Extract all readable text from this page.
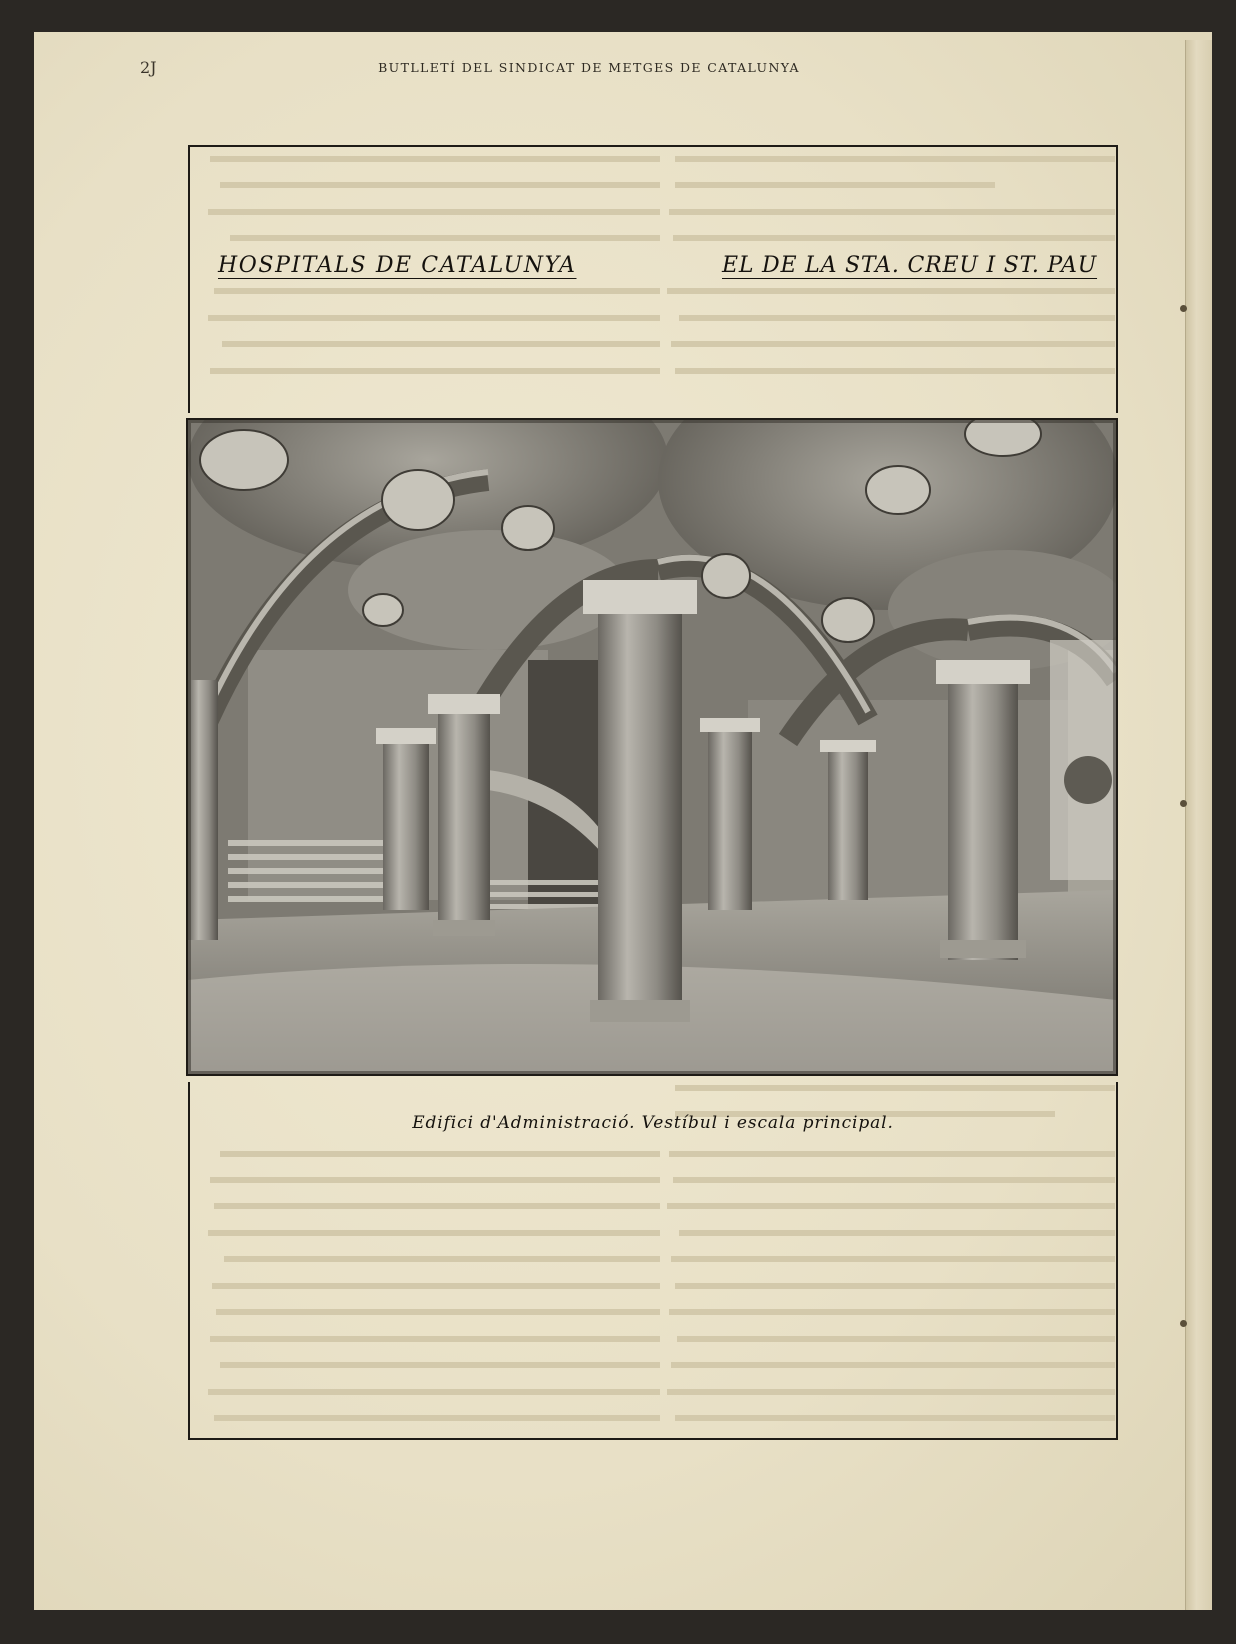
2J	BUTLLETÍ DEL SINDICAT DE METGES DE CATALUNYA
HOSPITALS DE CATALUNYA	EL DE LA STA. CREU I ST. PAU
Edifici d'Administració. Vestíbul i escala principal.
